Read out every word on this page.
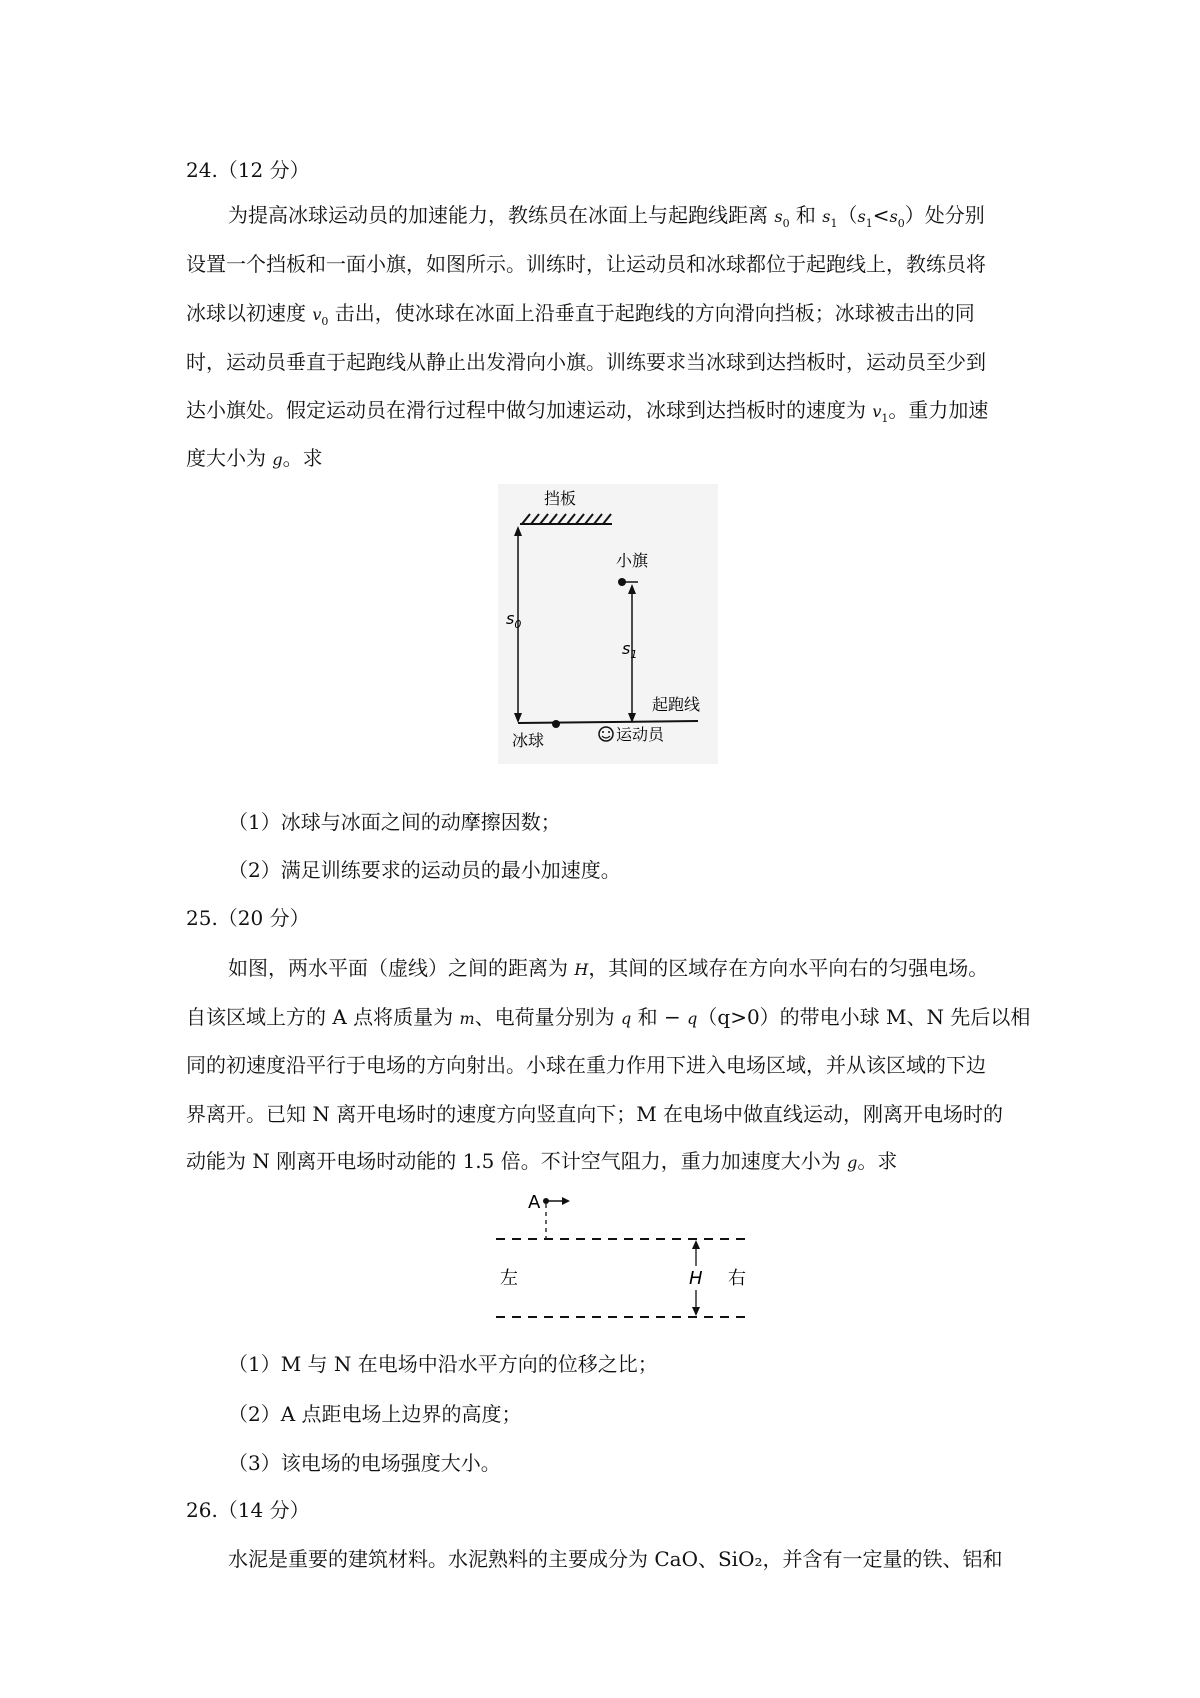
24.（12 分）
为提高冰球运动员的加速能力，教练员在冰面上与起跑线距离 $s_0$ 和 $s_1(s_1<s_0)$处分别
设置一个挡板和一面小旗，如图所示。训练时，让运动员和冰球都位于起跑线上，教练员将
冰球以初速度 $v_0$ 击出，使冰球在冰面上沿垂直于起跑线的方向滑向挡板；冰球被击出的同
时，运动员垂直于起跑线从静止出发滑向小旗。训练要求当冰球到达挡板时，运动员至少到
达小旗处。假定运动员在滑行过程中做匀加速运动，冰球到达挡板时的速度为 $v_1$。重力加速
度大小为 g。求
挡板
$s_0$
小旗
$s_1$
起跑线
冰球	运动员
（1）冰球与冰面之间的动摩擦因数；
（2）满足训练要求的运动员的最小加速度。
25.（20 分）
如图，两水平面（虚线）之间的距离为 H，其间的区域存在方向水平向右的匀强电场。
自该区域上方的 A 点将质量为 m、电荷量分别为 q 和 − q（q>0）的带电小球 M、N 先后以相
同的初速度沿平行于电场的方向射出。小球在重力作用下进入电场区域，并从该区域的下边
界离开。已知 N 离开电场时的速度方向竖直向下；M 在电场中做直线运动，刚离开电场时的
动能为 N 刚离开电场时动能的 1.5 倍。不计空气阻力，重力加速度大小为 g。求
A
H
左	右
（1）M 与 N 在电场中沿水平方向的位移之比；
（2）A 点距电场上边界的高度；
（3）该电场的电场强度大小。
26.（14 分）
水泥是重要的建筑材料。水泥熟料的主要成分为 CaO、SiO₂，并含有一定量的铁、铝和
